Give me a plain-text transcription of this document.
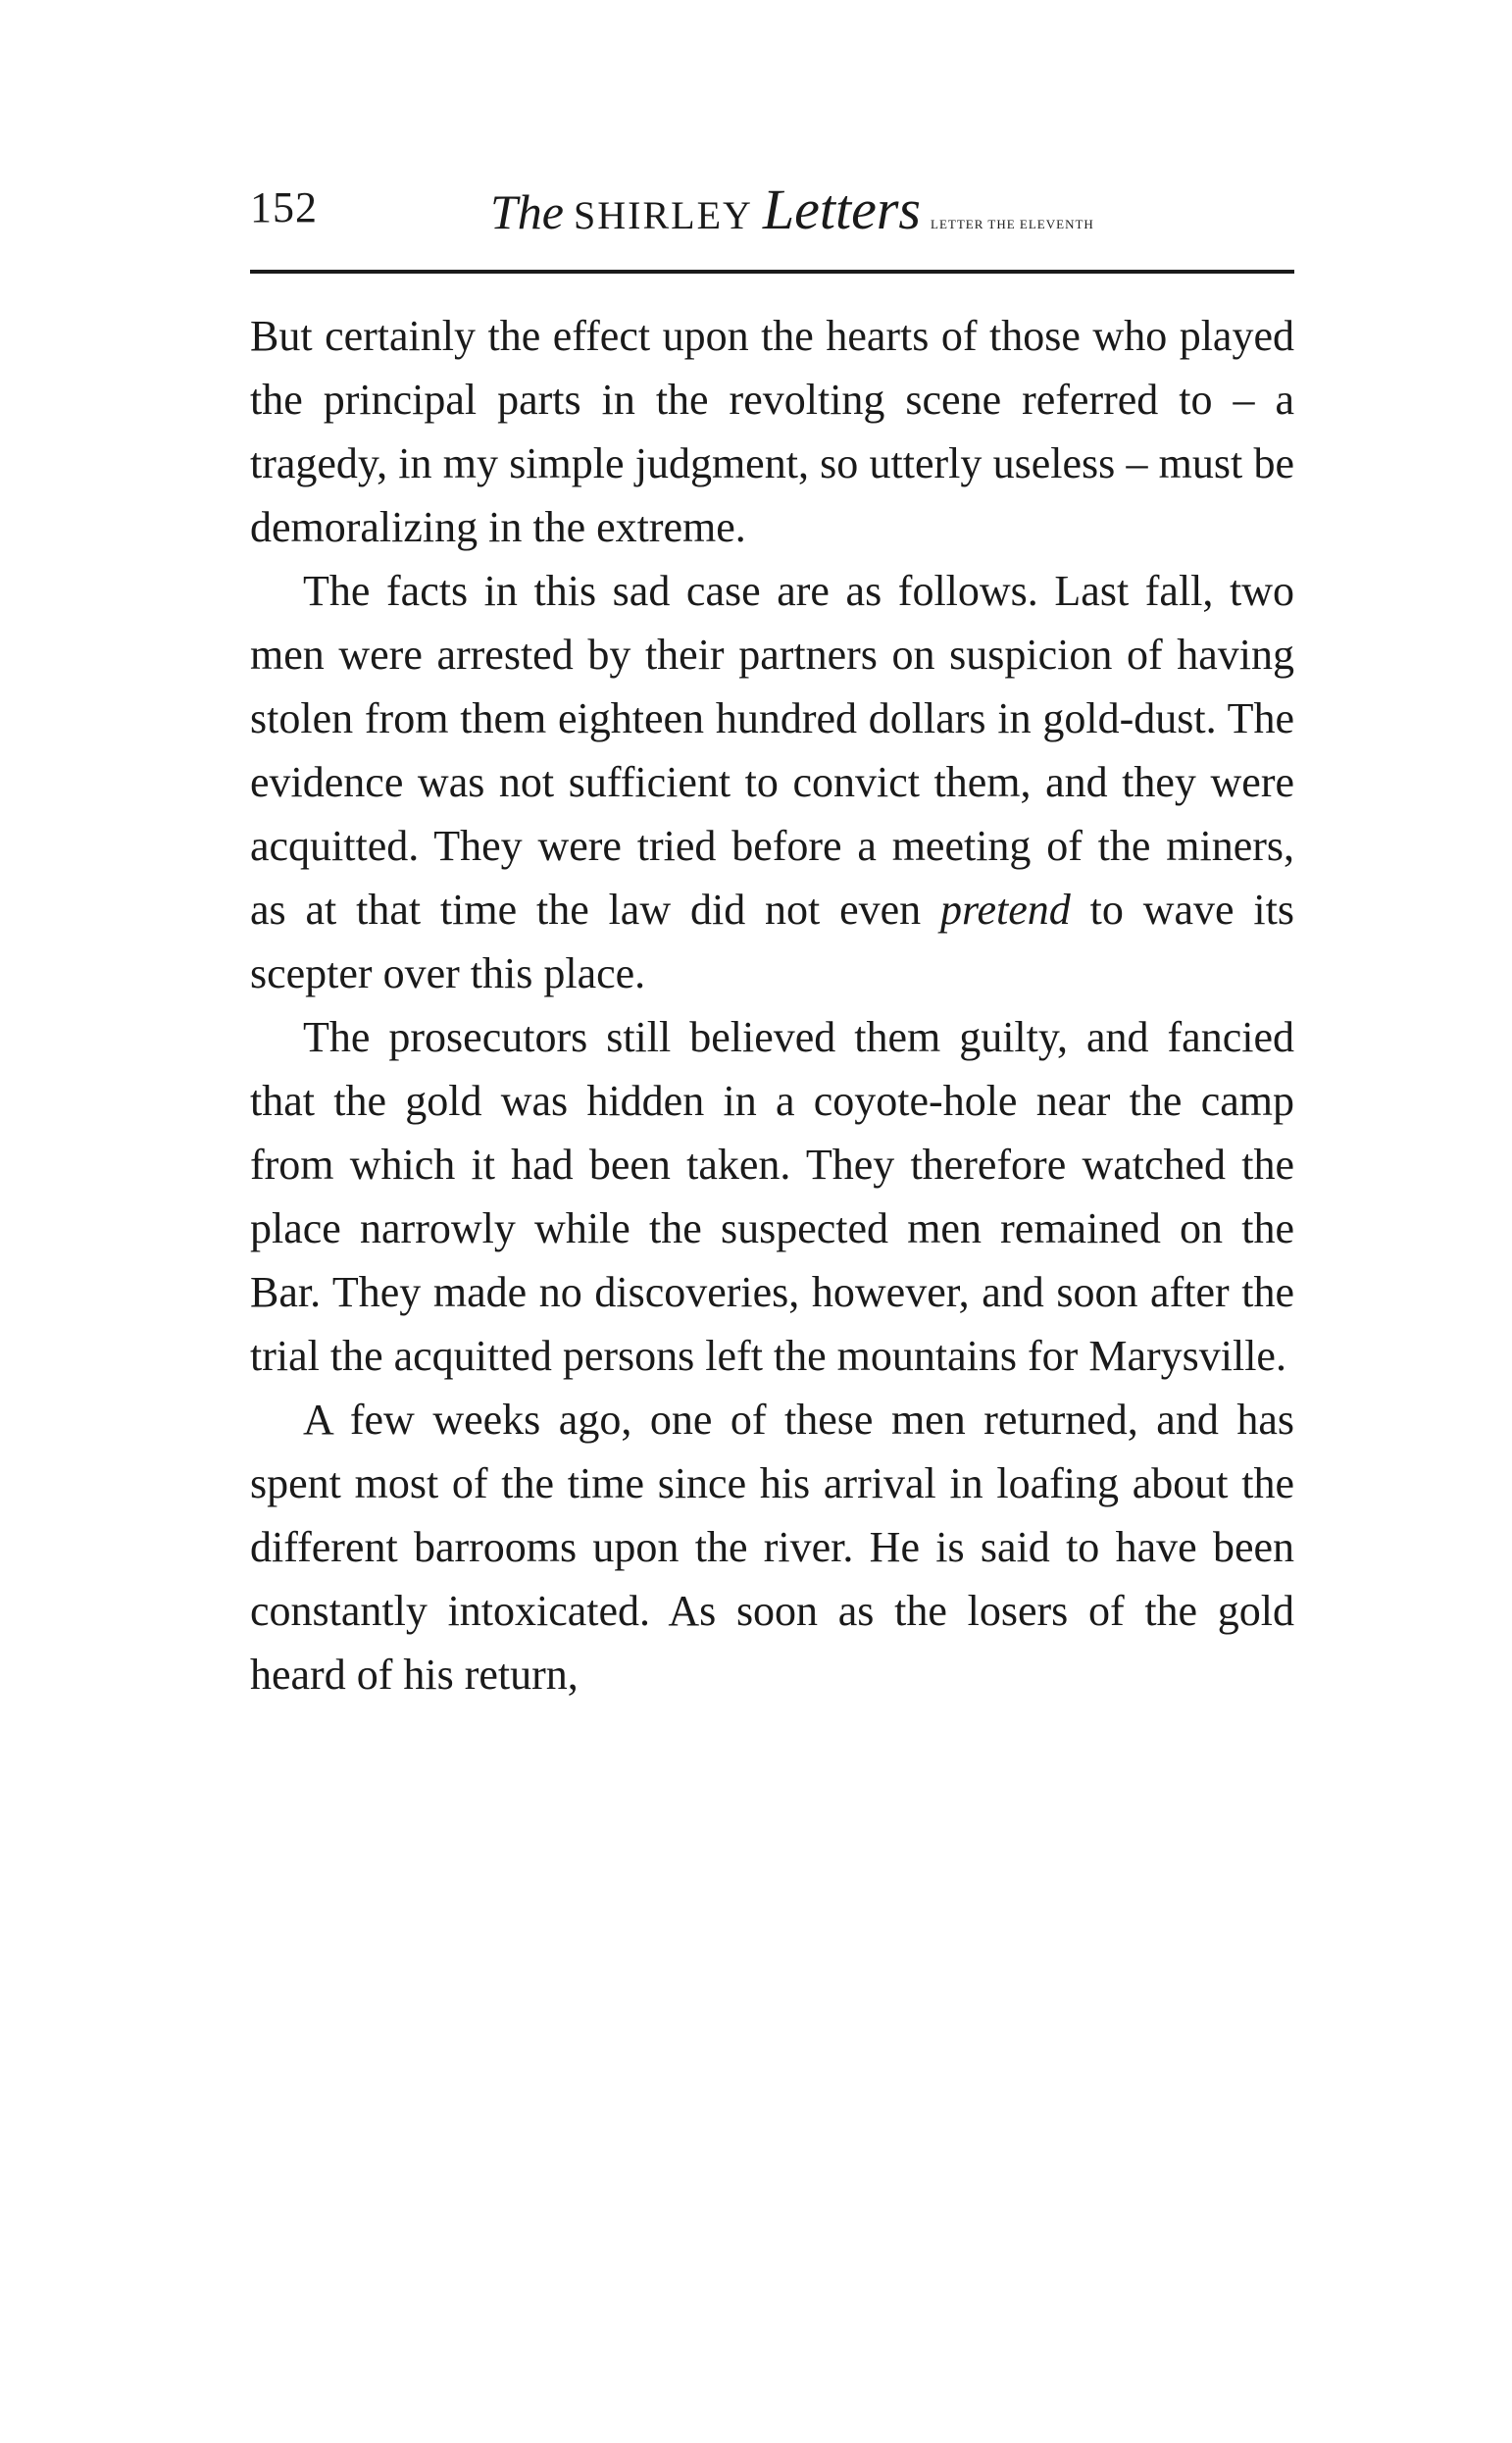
152	The SHIRLEY Letters LETTER THE ELEVENTH

But certainly the effect upon the hearts of those who played the principal parts in the revolting scene referred to – a tragedy, in my simple judgment, so utterly useless – must be demoralizing in the extreme.

The facts in this sad case are as follows. Last fall, two men were arrested by their partners on suspicion of having stolen from them eighteen hundred dollars in gold-dust. The evidence was not sufficient to convict them, and they were acquitted. They were tried before a meeting of the miners, as at that time the law did not even pretend to wave its scepter over this place.

The prosecutors still believed them guilty, and fancied that the gold was hidden in a coyote-hole near the camp from which it had been taken. They therefore watched the place narrowly while the suspected men remained on the Bar. They made no discoveries, however, and soon after the trial the acquitted persons left the mountains for Marysville.

A few weeks ago, one of these men returned, and has spent most of the time since his arrival in loafing about the different barrooms upon the river. He is said to have been constantly intoxicated. As soon as the losers of the gold heard of his return,
